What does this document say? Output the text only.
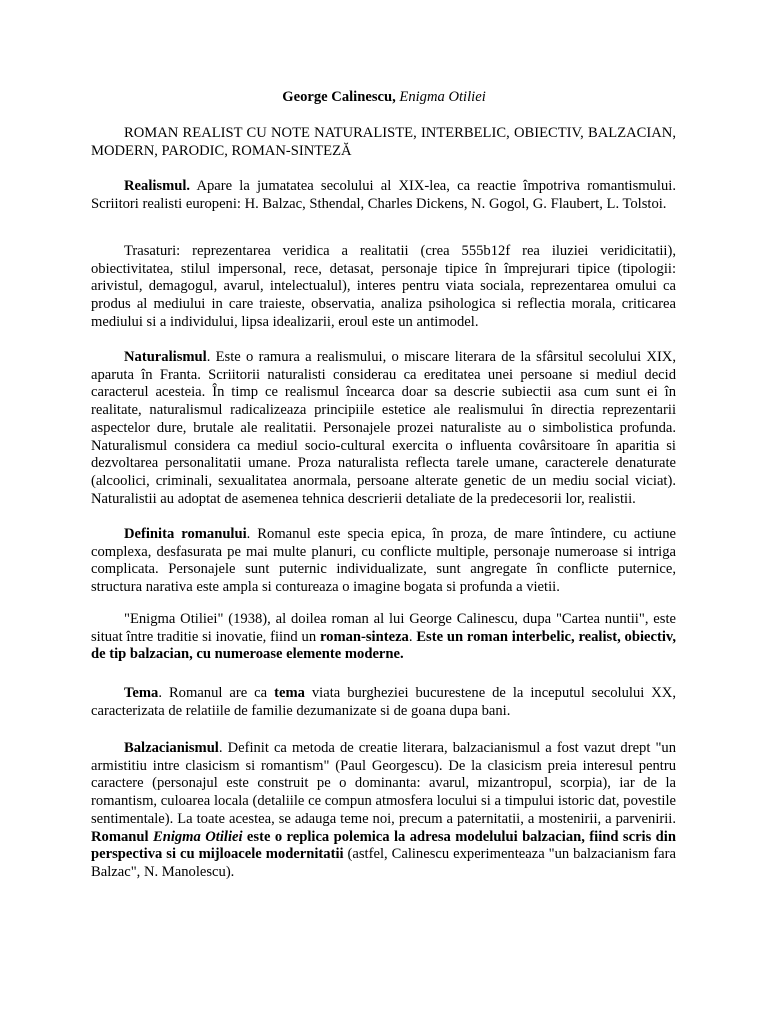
George Calinescu, Enigma Otiliei

ROMAN REALIST CU NOTE NATURALISTE, INTERBELIC, OBIECTIV, BALZACIAN, MODERN, PARODIC, ROMAN-SINTEZĂ

Realismul. Apare la jumatatea secolului al XIX-lea, ca reactie împotriva romantismului. Scriitori realisti europeni: H. Balzac, Sthendal, Charles Dickens, N. Gogol, G. Flaubert, L. Tolstoi.

Trasaturi: reprezentarea veridica a realitatii (crea 555b12f rea iluziei veridicitatii), obiectivitatea, stilul impersonal, rece, detasat, personaje tipice în împrejurari tipice (tipologii: arivistul, demagogul, avarul, intelectualul), interes pentru viata sociala, reprezentarea omului ca produs al mediului in care traieste, observatia, analiza psihologica si reflectia morala, criticarea mediului si a individului, lipsa idealizarii, eroul este un antimodel.

Naturalismul. Este o ramura a realismului, o miscare literara de la sfârsitul secolului XIX, aparuta în Franta. Scriitorii naturalisti considerau ca ereditatea unei persoane si mediul decid caracterul acesteia. În timp ce realismul încearca doar sa descrie subiectii asa cum sunt ei în realitate, naturalismul radicalizeaza principiile estetice ale realismului în directia reprezentarii aspectelor dure, brutale ale realitatii. Personajele prozei naturaliste au o simbolistica profunda. Naturalismul considera ca mediul socio-cultural exercita o influenta covârsitoare în aparitia si dezvoltarea personalitatii umane. Proza naturalista reflecta tarele umane, caracterele denaturate (alcoolici, criminali, sexualitatea anormala, persoane alterate genetic de un mediu social viciat). Naturalistii au adoptat de asemenea tehnica descrierii detaliate de la predecesorii lor, realistii.

Definita romanului. Romanul este specia epica, în proza, de mare întindere, cu actiune complexa, desfasurata pe mai multe planuri, cu conflicte multiple, personaje numeroase si intriga complicata. Personajele sunt puternic individualizate, sunt angregate în conflicte puternice, structura narativa este ampla si contureaza o imagine bogata si profunda a vietii.

"Enigma Otiliei" (1938), al doilea roman al lui George Calinescu, dupa "Cartea nuntii", este situat între traditie si inovatie, fiind un roman-sinteza. Este un roman interbelic, realist, obiectiv, de tip balzacian, cu numeroase elemente moderne.

Tema. Romanul are ca tema viata burgheziei bucurestene de la inceputul secolului XX, caracterizata de relatiile de familie dezumanizate si de goana dupa bani.

Balzacianismul. Definit ca metoda de creatie literara, balzacianismul a fost vazut drept "un armistitiu intre clasicism si romantism" (Paul Georgescu). De la clasicism preia interesul pentru caractere (personajul este construit pe o dominanta: avarul, mizantropul, scorpia), iar de la romantism, culoarea locala (detaliile ce compun atmosfera locului si a timpului istoric dat, povestile sentimentale). La toate acestea, se adauga teme noi, precum a paternitatii, a mostenirii, a parvenirii. Romanul Enigma Otiliei este o replica polemica la adresa modelului balzacian, fiind scris din perspectiva si cu mijloacele modernitatii (astfel, Calinescu experimenteaza "un balzacianism fara Balzac", N. Manolescu).
